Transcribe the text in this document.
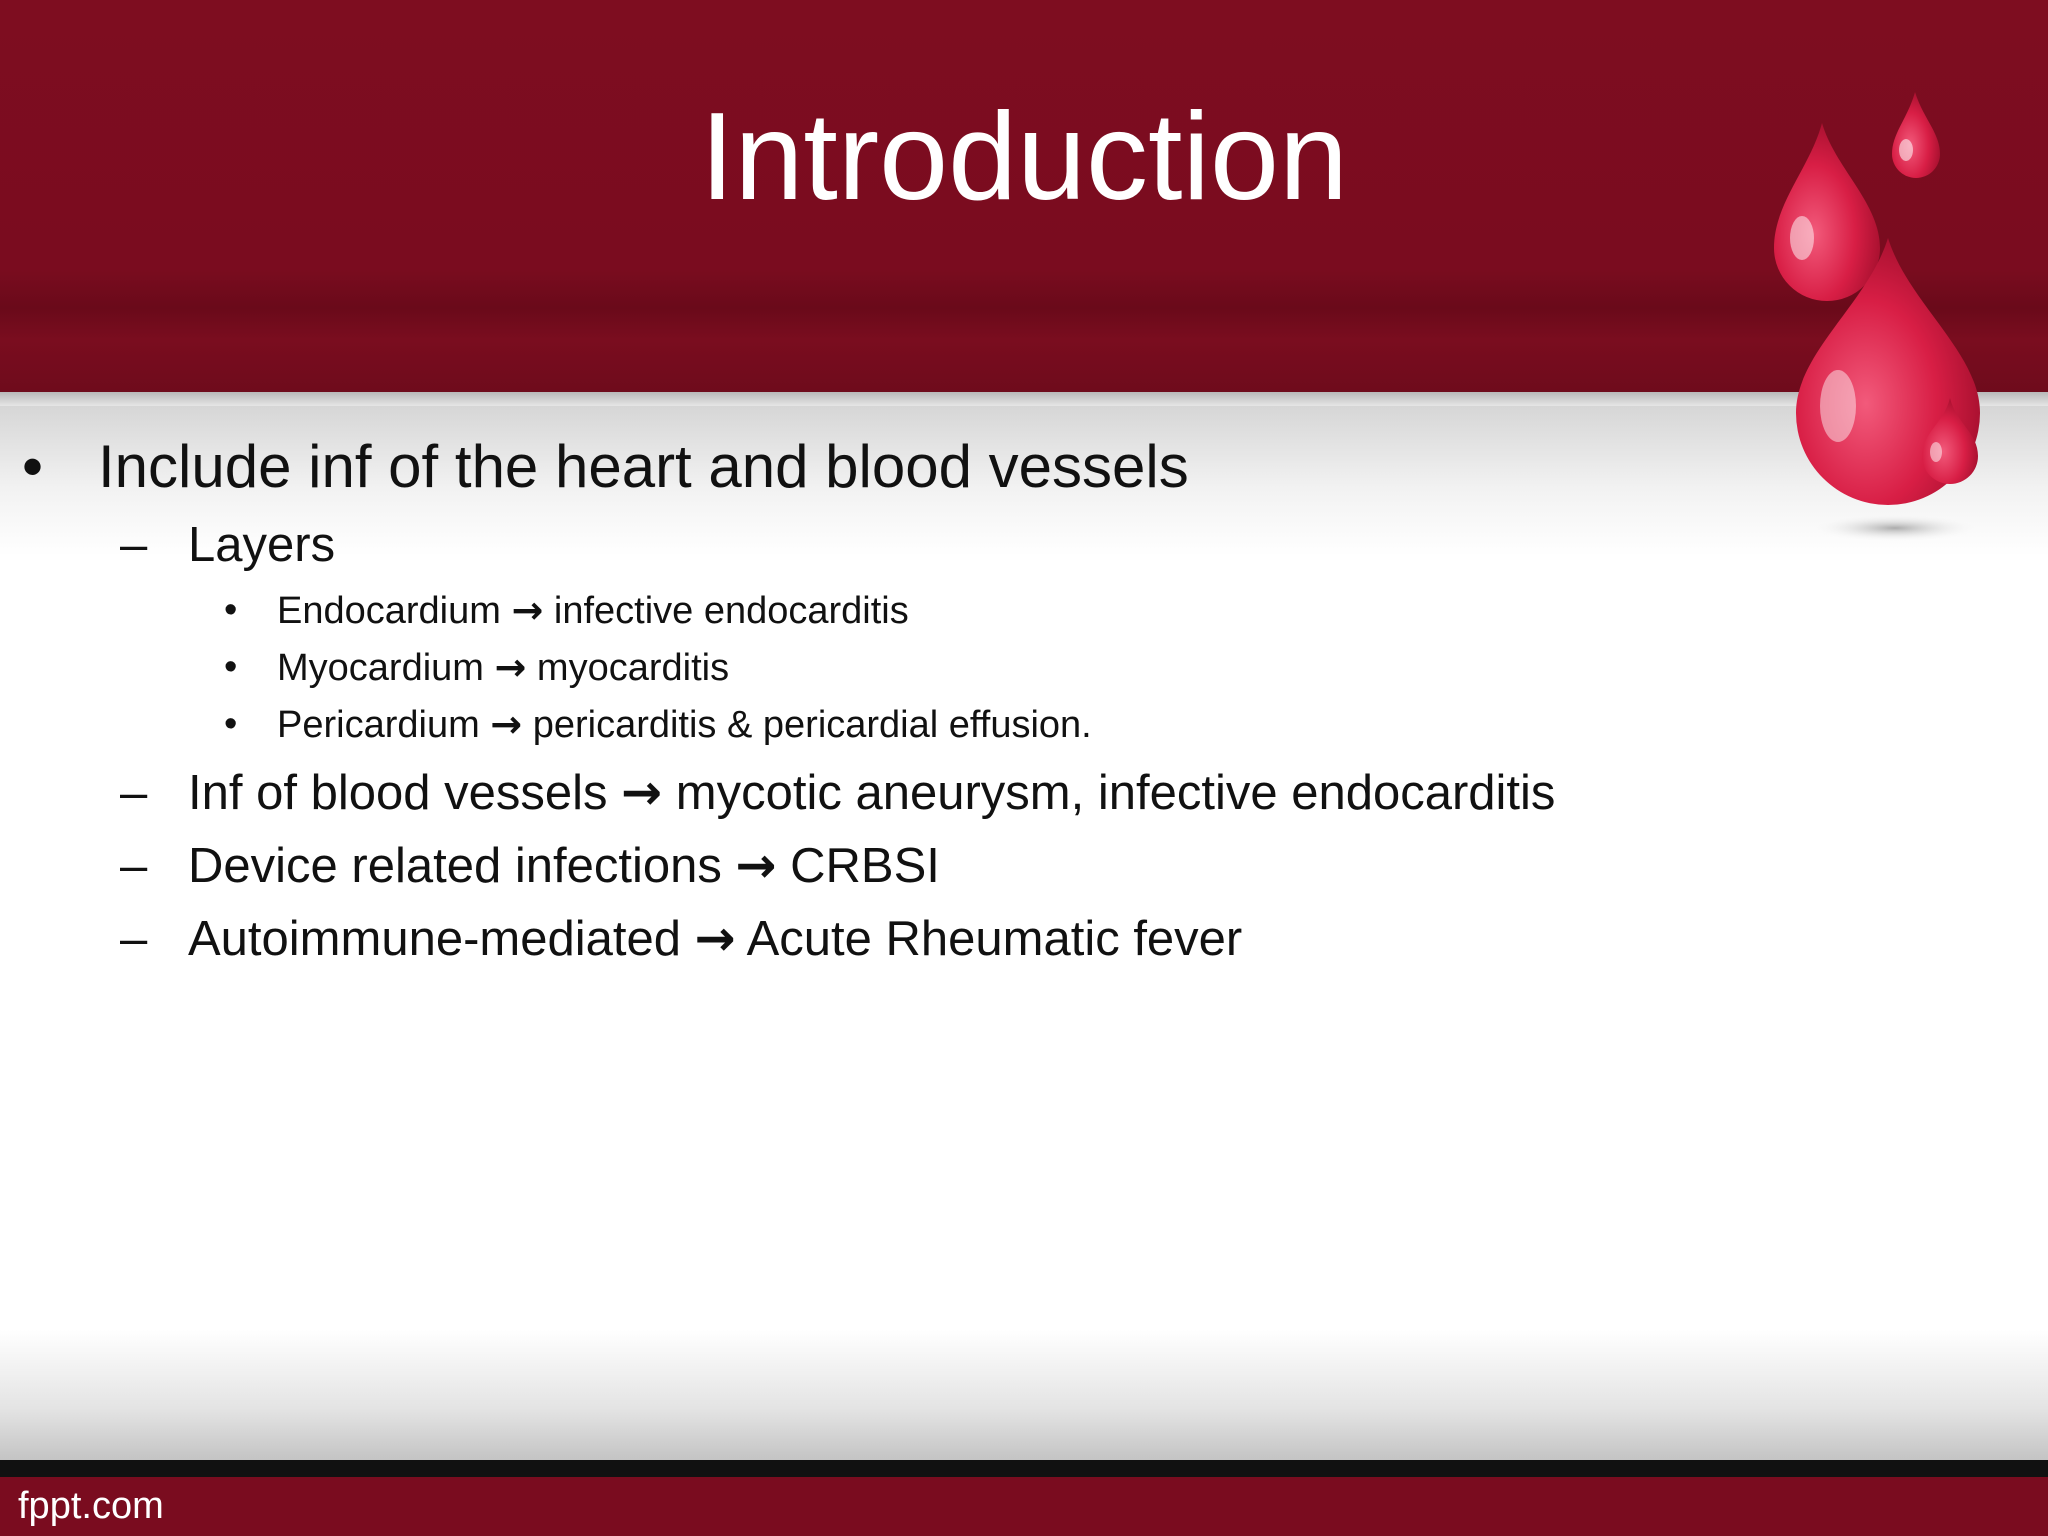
Introduction
• Include inf of the heart and blood vessels
– Layers
• Endocardium → infective endocarditis
• Myocardium → myocarditis
• Pericardium → pericarditis & pericardial effusion.
– Inf of blood vessels → mycotic aneurysm, infective endocarditis
– Device related infections → CRBSI
– Autoimmune-mediated → Acute Rheumatic fever
fppt.com
